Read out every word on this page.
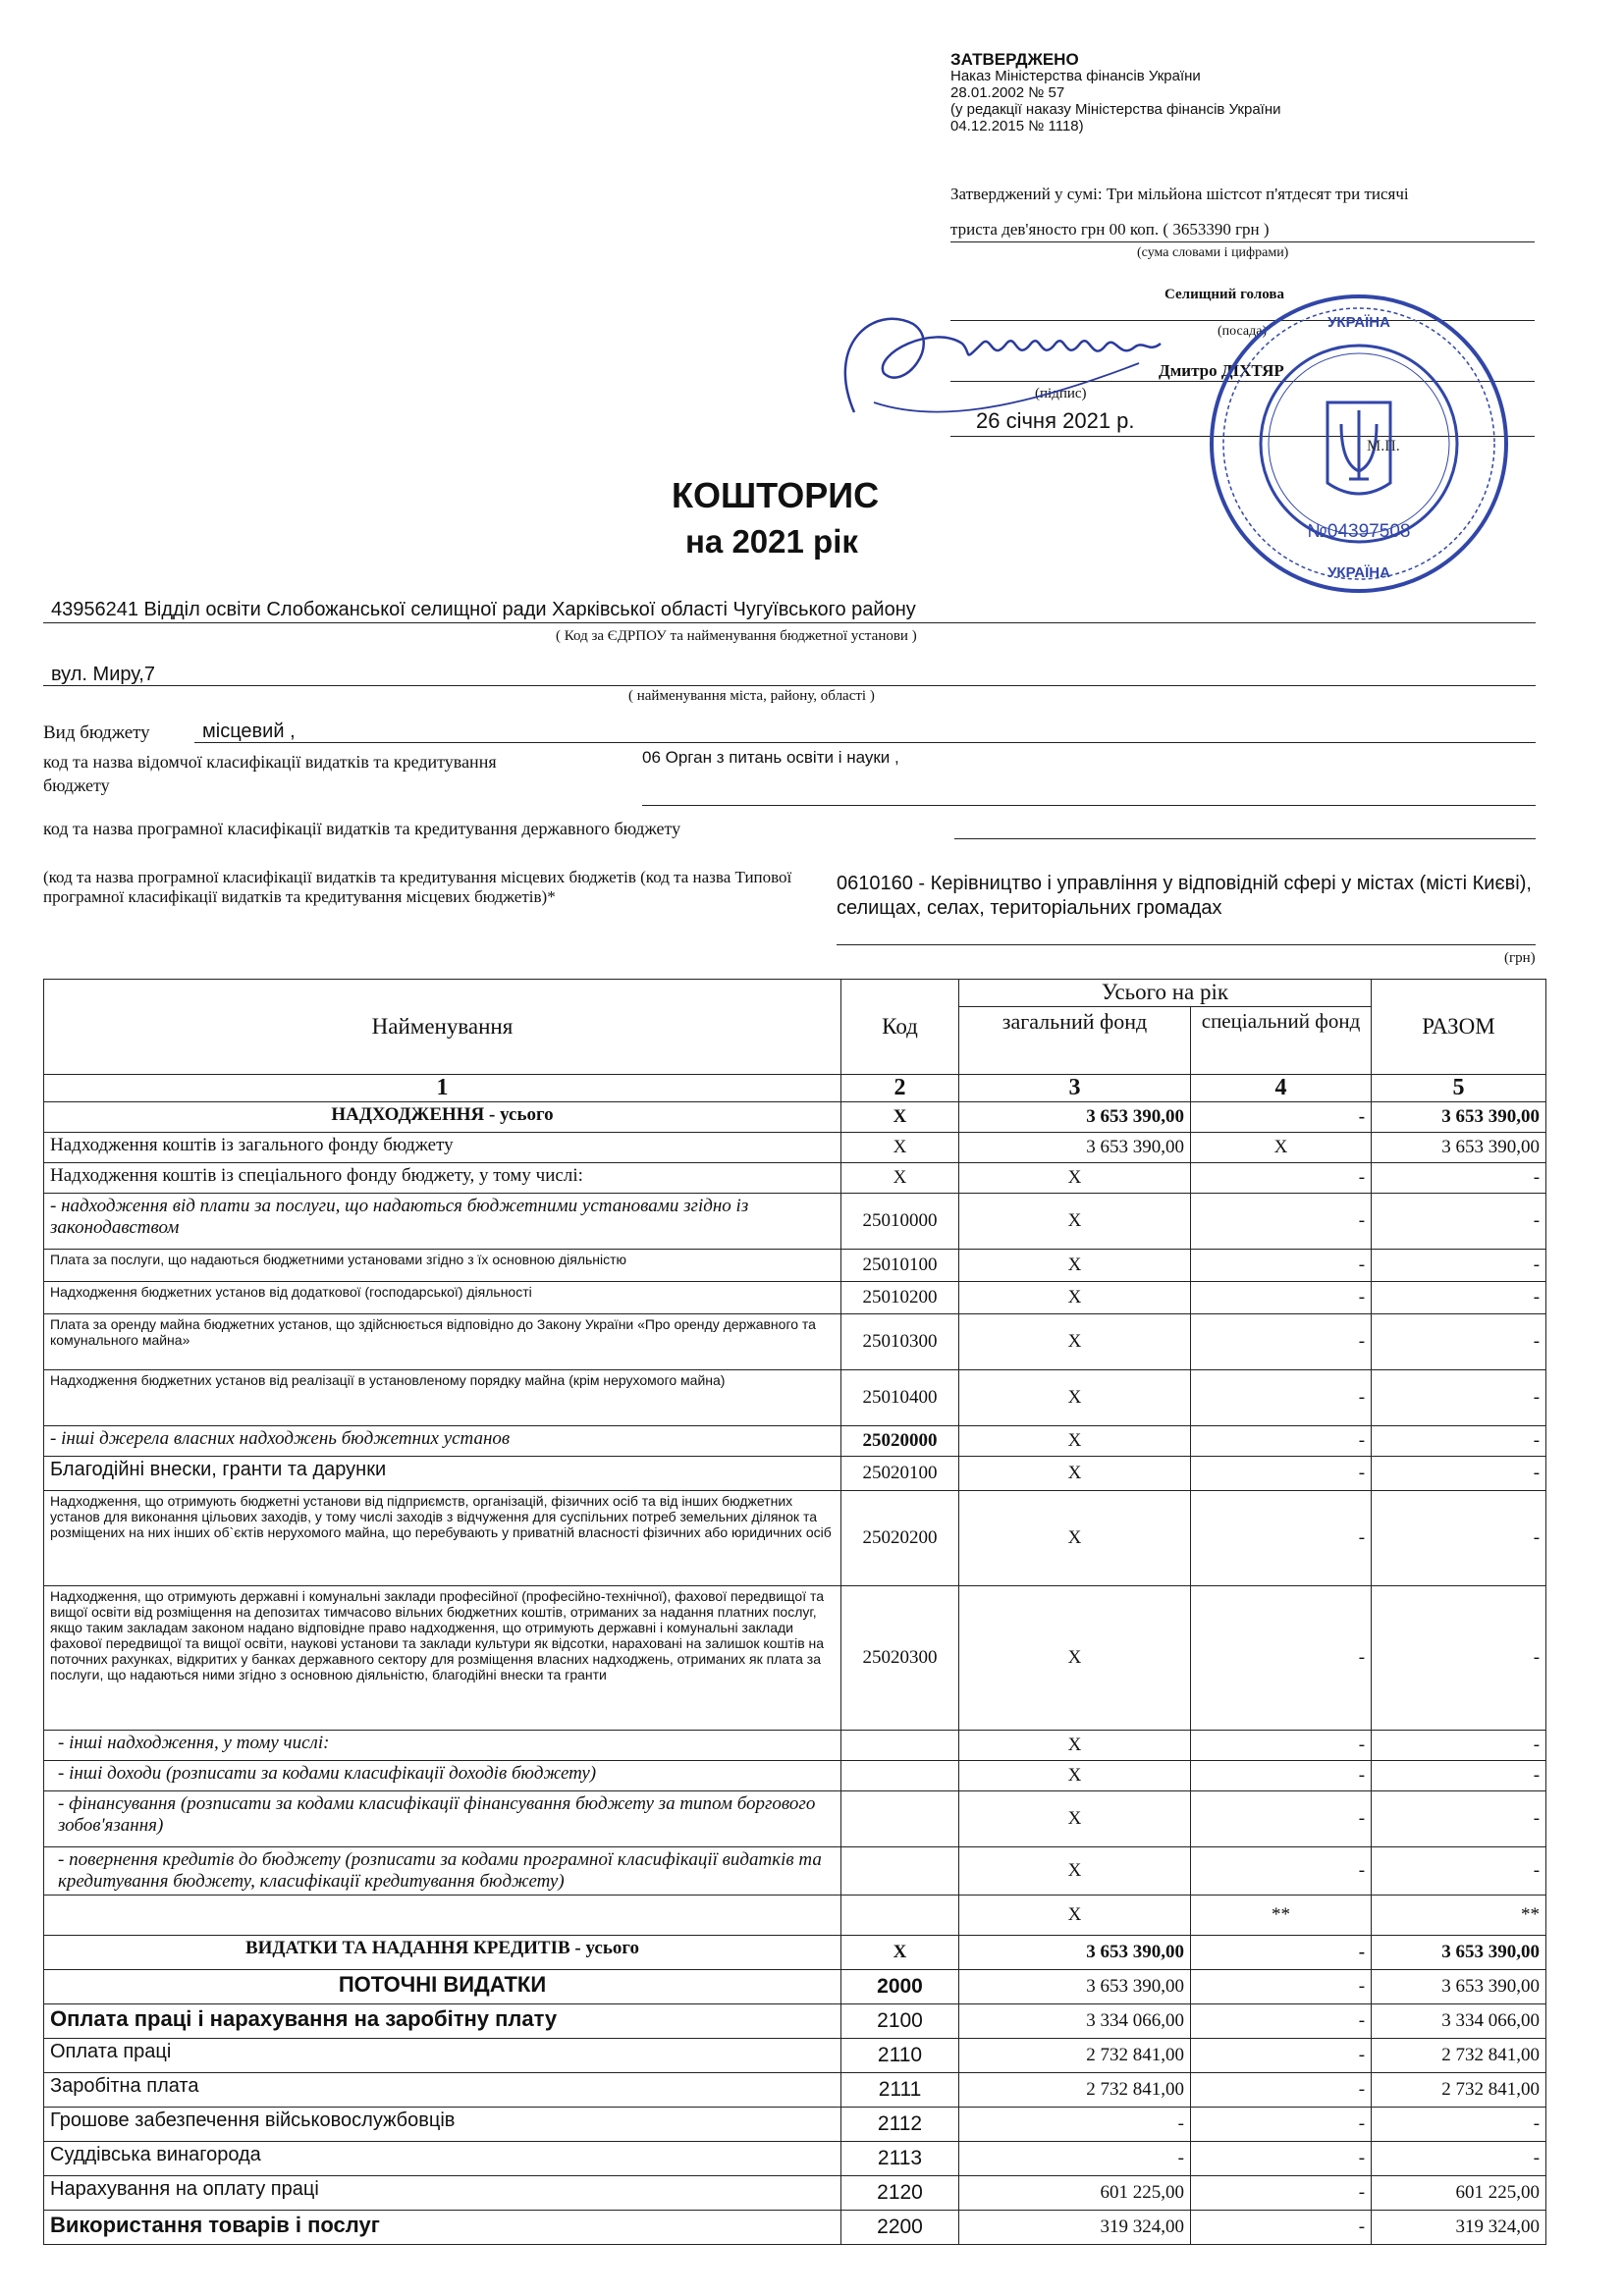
ЗАТВЕРДЖЕНО
Наказ Міністерства фінансів України
28.01.2002 № 57
(у редакції наказу Міністерства фінансів України
04.12.2015 № 1118)
Затверджений у сумі: Три мільйона шістсот п'ятдесят три тисячі
триста дев'яносто грн 00 коп. ( 3653390 грн )
(сума словами і цифрами)
Селищний голова
(посада)
Дмитро ДІХТЯР
(підпис)
26 січня 2021 р.
№04397508
УКРАЇНА
УКРАЇНА
М.П.
КОШТОРИС
на 2021 рік
43956241 Відділ освіти Слобожанської селищної ради Харківської області Чугуївського району
( Код за ЄДРПОУ та найменування бюджетної установи )
вул. Миру,7
( найменування міста, району, області )
Вид бюджету	місцевий ,
код та назва відомчої класифікації видатків та кредитування
бюджету
06 Орган з питань освіти і науки ,
код та назва програмної класифікації видатків та кредитування державного бюджету
(код та назва програмної класифікації видатків та кредитування місцевих бюджетів (код та назва Типової програмної класифікації видатків та кредитування місцевих бюджетів)*
0610160 - Керівництво і управління у відповідній сфері у містах (місті Києві), селищах, селах, територіальних громадах
(грн)
Найменування	Код	Усього на рік		РАЗОМ
		загальний фонд	спеціальний фонд	
1	2	3	4	5
НАДХОДЖЕННЯ - усього	Х	3 653 390,00	-	3 653 390,00
Надходження коштів із загального фонду бюджету	Х	3 653 390,00	Х	3 653 390,00
Надходження коштів із спеціального фонду бюджету, у тому числі:	Х	Х	-	-
- надходження від плати за послуги, що надаються бюджетними установами згідно із законодавством	25010000	Х	-	-
Плата за послуги, що надаються бюджетними установами згідно з їх основною діяльністю	25010100	Х	-	-
Надходження бюджетних установ від додаткової (господарської) діяльності	25010200	Х	-	-
Плата за оренду майна бюджетних установ, що здійснюється відповідно до Закону України «Про оренду державного та комунального майна»	25010300	Х	-	-
Надходження бюджетних установ від реалізації в установленому порядку майна (крім нерухомого майна)	25010400	Х	-	-
- інші джерела власних надходжень бюджетних установ	25020000	Х	-	-
Благодійні внески, гранти та дарунки	25020100	Х	-	-
Надходження, що отримують бюджетні установи від підприємств, організацій, фізичних осіб та від інших бюджетних установ для виконання цільових заходів, у тому числі заходів з відчуження для суспільних потреб земельних ділянок та розміщених на них інших об`єктів нерухомого майна, що перебувають у приватній власності фізичних або юридичних осіб	25020200	Х	-	-
Надходження, що отримують державні і комунальні заклади професійної (професійно-технічної), фахової передвищої та вищої освіти від розміщення на депозитах тимчасово вільних бюджетних коштів, отриманих за надання платних послуг, якщо таким закладам законом надано відповідне право надходження, що отримують державні і комунальні заклади фахової передвищої та вищої освіти, наукові установи та заклади культури як відсотки, нараховані на залишок коштів на поточних рахунках, відкритих у банках державного сектору для розміщення власних надходжень, отриманих як плата за послуги, що надаються ними згідно з основною діяльністю, благодійні внески та гранти	25020300	Х	-	-
- інші надходження, у тому числі:		Х	-	-
- інші доходи (розписати за кодами класифікації доходів бюджету)		Х	-	-
- фінансування (розписати за кодами класифікації фінансування бюджету за типом боргового зобов'язання)		Х	-	-
- повернення кредитів до бюджету (розписати за кодами програмної класифікації видатків та кредитування бюджету, класифікації кредитування бюджету)		Х	-	-
		Х	**	**
ВИДАТКИ ТА НАДАННЯ КРЕДИТІВ - усього	Х	3 653 390,00	-	3 653 390,00
ПОТОЧНІ ВИДАТКИ	2000	3 653 390,00	-	3 653 390,00
Оплата праці і нарахування на заробітну плату	2100	3 334 066,00	-	3 334 066,00
Оплата праці	2110	2 732 841,00	-	2 732 841,00
Заробітна плата	2111	2 732 841,00	-	2 732 841,00
Грошове забезпечення військовослужбовців	2112	-	-	-
Суддівська винагорода	2113	-	-	-
Нарахування на оплату праці	2120	601 225,00	-	601 225,00
Використання товарів і послуг	2200	319 324,00	-	319 324,00
